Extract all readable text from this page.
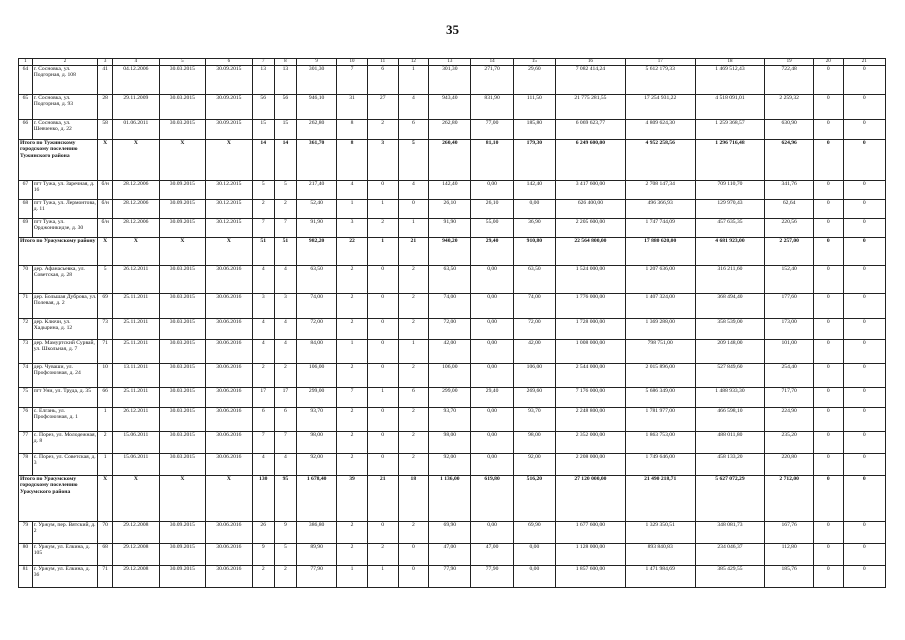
35
1	2	3	4	5	6	7	8	9	10	11	12	13	14	15	16	17	18	19	20	21
64	г. Сосновка, ул. Подгорная, д. 108	41	04.12.2006	30.03.2015	30.09.2015	13	13	301,30	7	6	1	301,30	271,70	29,60	7 082 414,24	5 612 179,33	1 469 512,43	722,48	0	0
65	г. Сосновка, ул. Подгорная, д. 93	28	29.11.2009	30.03.2015	30.09.2015	56	56	946,10	31	27	4	943,40	831,90	111,50	21 775 281,55	17 254 931,22	4 518 091,01	2 259,32	0	0
66	г. Сосновка, ул. Шевченко, д. 22	58	01.06.2011	30.03.2015	30.09.2015	15	15	262,80	8	2	6	262,80	77,00	185,80	6 069 623,77	4 809 624,30	1 259 368,57	630,90	0	0
Итого по Тужинскому городскому поселению Тужинского района		X	X	X	X	14	14	361,70	8	3	5	260,40	81,10	179,30	6 249 600,00	4 952 258,56	1 296 716,48	624,96	0	0
67	пгт Тужа, ул. Заречная, д. 16	б/н	28.12.2006	30.09.2015	30.12.2015	5	5	217,40	4	0	4	142,40	0,00	142,40	3 417 600,00	2 708 147,34	709 110,70	341,76	0	0
68	пгт Тужа, ул. Лермонтова, д. 11	б/н	28.12.2006	30.09.2015	30.12.2015	2	2	52,40	1	1	0	26,10	26,10	0,00	626 400,00	496 366,93	129 970,43	62,64	0	0
69	пгт Тужа, ул. Орджоникидзе, д. 30	б/н	28.12.2006	30.09.2015	30.12.2015	7	7	91,90	3	2	1	91,90	55,00	36,90	2 205 600,00	1 747 744,09	457 635,35	220,56	0	0
Итого по Уржумскому району		X	X	X	X	51	51	982,20	22	1	21	940,20	29,40	910,80	22 564 800,00	17 880 620,00	4 681 923,00	2 257,00	0	0
70	дер. Афанасьевка, ул. Советская, д. 28	5	26.12.2011	30.03.2015	30.06.2016	4	4	63,50	2	0	2	63,50	0,00	63,50	1 524 000,00	1 207 636,00	316 211,60	152,40	0	0
71	дер. Большая Дуброва, ул. Полевая, д. 2	69	25.11.2011	30.03.2015	30.06.2016	3	3	74,00	2	0	2	74,00	0,00	74,00	1 776 000,00	1 407 324,00	368 494,40	177,60	0	0
72	дер. Ключи, ул. Хадырина, д. 12	73	25.11.2011	30.03.2015	30.06.2016	4	4	72,00	2	0	2	72,00	0,00	72,00	1 728 000,00	1 369 288,00	358 539,00	173,00	0	0
73	дер. Мамуртский Сурвай, ул. Школьная, д. 7	71	25.11.2011	30.03.2015	30.06.2016	4	4	84,00	1	0	1	42,00	0,00	42,00	1 008 000,00	798 751,00	209 148,00	101,00	0	0
74	дер. Чуваши, ул. Профсоюзная, д. 24	10	13.11.2011	30.03.2015	30.06.2016	2	2	106,00	2	0	2	106,00	0,00	106,00	2 544 000,00	2 015 896,00	527 849,60	254,40	0	0
75	пгт Уни, ул. Труда, д. 35	66	25.11.2011	30.03.2015	30.06.2016	17	17	299,00	7	1	6	299,00	29,40	269,60	7 176 000,00	5 686 349,00	1 488 933,30	717,70	0	0
76	с. Елгань, ул. Профсоюзная, д. 1	1	26.12.2011	30.03.2015	30.06.2016	6	6	93,70	2	0	2	93,70	0,00	93,70	2 248 800,00	1 781 977,00	466 598,10	224,90	0	0
77	с. Порез, ул. Молодежная, д. 8	2	15.06.2011	30.03.2015	30.06.2016	7	7	98,00	2	0	2	98,00	0,00	98,00	2 352 000,00	1 863 753,00	488 011,80	235,20	0	0
78	с. Порез, ул. Советская, д. 3	1	15.06.2011	30.03.2015	30.06.2016	4	4	92,00	2	0	2	92,00	0,00	92,00	2 208 000,00	1 749 646,00	458 133,20	220,80	0	0
Итого по Уржумскому городскому поселению Уржумского района		X	X	X	X	130	95	1 678,40	39	21	18	1 136,00	619,80	516,20	27 120 000,00	21 490 218,71	5 627 072,29	2 712,00	0	0
79	г. Уржум, пер. Вятский, д. 2	70	29.12.2008	30.09.2015	30.06.2016	26	9	386,80	2	0	2	69,90	0,00	69,90	1 677 600,00	1 329 350,51	348 081,73	167,76	0	0
80	г. Уржум, ул. Елкина, д. 105	68	29.12.2008	30.09.2015	30.06.2016	9	5	89,90	2	2	0	47,00	47,00	0,00	1 128 000,00	893 840,83	234 046,37	112,80	0	0
81	г. Уржум, ул. Елкина, д. 36	71	29.12.2008	30.09.2015	30.06.2016	2	2	77,90	1	1	0	77,90	77,90	0,00	1 857 600,00	1 471 984,69	385 429,55	185,76	0	0
